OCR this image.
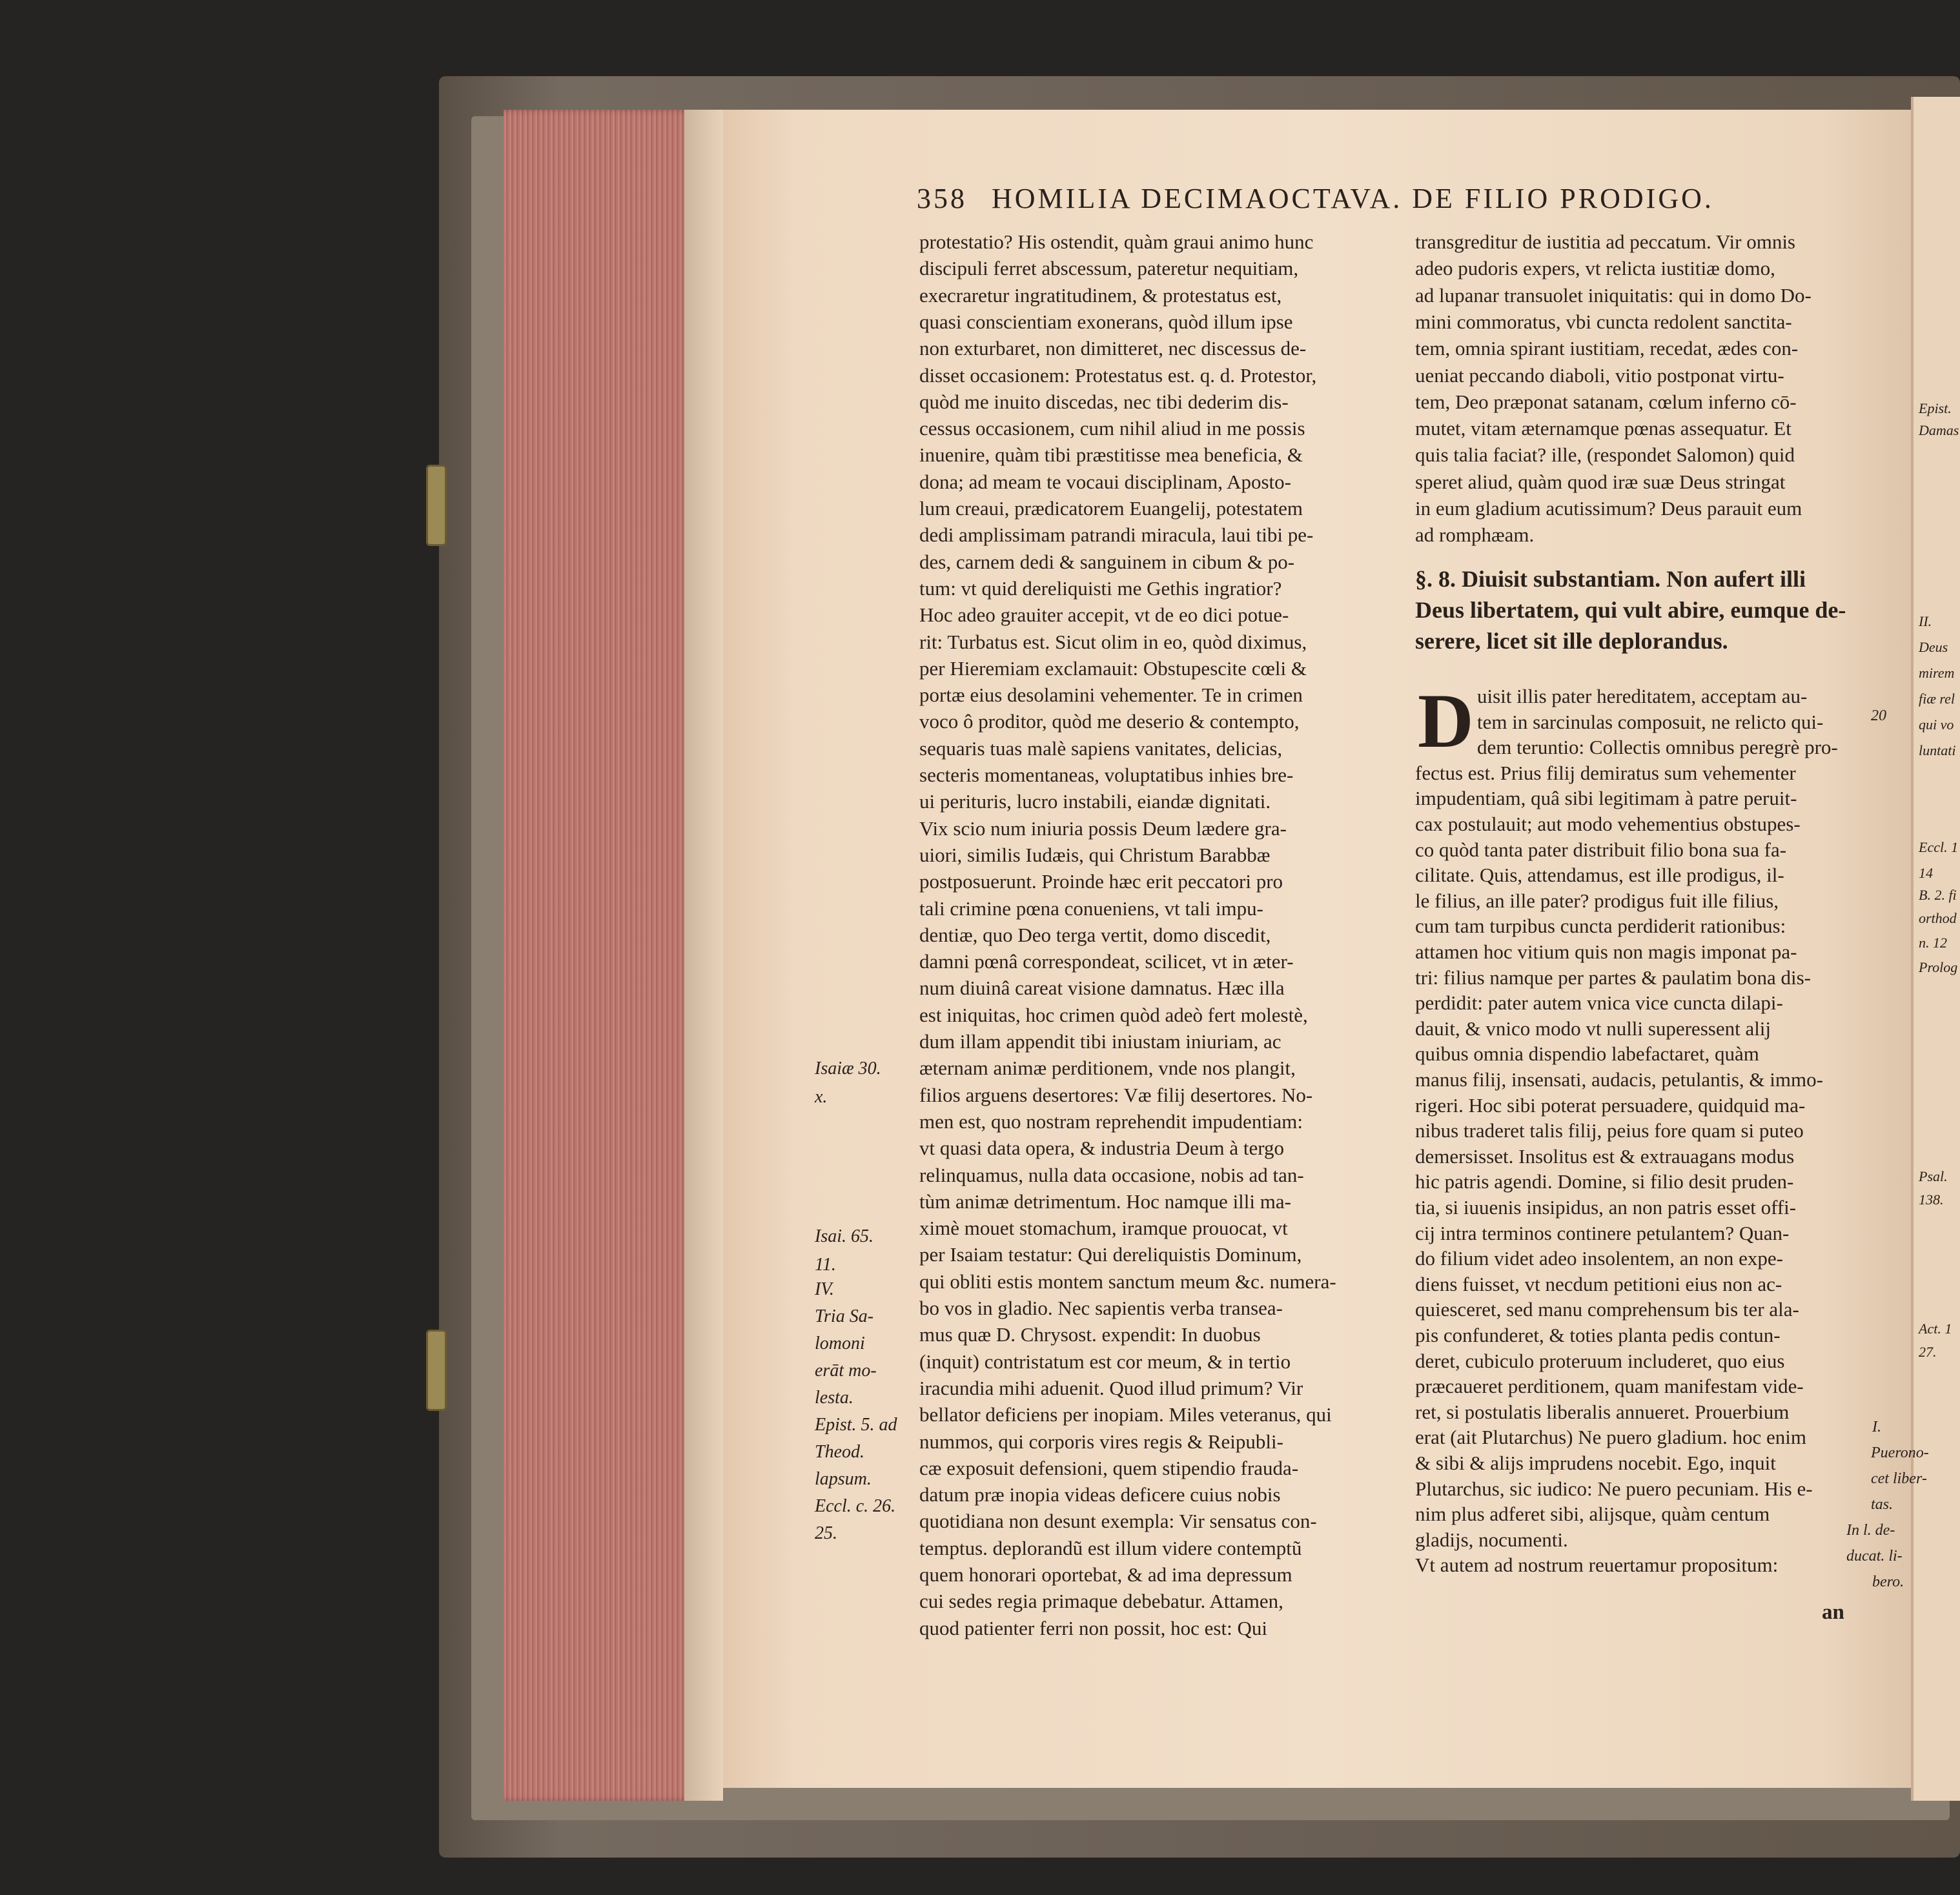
358 HOMILIA DECIMAOCTAVA. DE FILIO PRODIGO.
protestatio? His ostendit, quàm graui animo hunc
discipuli ferret abscessum, pateretur nequitiam,
execraretur ingratitudinem, & protestatus est,
quasi conscientiam exonerans, quòd illum ipse
non exturbaret, non dimitteret, nec discessus de-
disset occasionem: Protestatus est. q. d. Protestor,
quòd me inuito discedas, nec tibi dederim dis-
cessus occasionem, cum nihil aliud in me possis
inuenire, quàm tibi præstitisse mea beneficia, &
dona; ad meam te vocaui disciplinam, Aposto-
lum creaui, prædicatorem Euangelij, potestatem
dedi amplissimam patrandi miracula, laui tibi pe-
des, carnem dedi & sanguinem in cibum & po-
tum: vt quid dereliquisti me Gethis ingratior?
Hoc adeo grauiter accepit, vt de eo dici potue-
rit: Turbatus est. Sicut olim in eo, quòd diximus,
per Hieremiam exclamauit: Obstupescite cœli &
portæ eius desolamini vehementer. Te in crimen
voco ô proditor, quòd me deserio & contempto,
sequaris tuas malè sapiens vanitates, delicias,
secteris momentaneas, voluptatibus inhies bre-
ui perituris, lucro instabili, eiandæ dignitati.
Vix scio num iniuria possis Deum lædere gra-
uiori, similis Iudæis, qui Christum Barabbæ
postposuerunt. Proinde hæc erit peccatori pro
tali crimine pœna conueniens, vt tali impu-
dentiæ, quo Deo terga vertit, domo discedit,
damni pœnâ correspondeat, scilicet, vt in æter-
num diuinâ careat visione damnatus. Hæc illa
est iniquitas, hoc crimen quòd adeò fert molestè,
dum illam appendit tibi iniustam iniuriam, ac
æternam animæ perditionem, vnde nos plangit,
filios arguens desertores: Væ filij desertores. No-
men est, quo nostram reprehendit impudentiam:
vt quasi data opera, & industria Deum à tergo
relinquamus, nulla data occasione, nobis ad tan-
tùm animæ detrimentum. Hoc namque illi ma-
ximè mouet stomachum, iramque prouocat, vt
per Isaiam testatur: Qui dereliquistis Dominum,
qui obliti estis montem sanctum meum &c. numera-
bo vos in gladio. Nec sapientis verba transea-
mus quæ D. Chrysost. expendit: In duobus
(inquit) contristatum est cor meum, & in tertio
iracundia mihi aduenit. Quod illud primum? Vir
bellator deficiens per inopiam. Miles veteranus, qui
nummos, qui corporis vires regis & Reipubli-
cæ exposuit defensioni, quem stipendio frauda-
datum præ inopia videas deficere cuius nobis
quotidiana non desunt exempla: Vir sensatus con-
temptus. deplorandũ est illum videre contemptũ
quem honorari oportebat, & ad ima depressum
cui sedes regia primaque debebatur. Attamen,
quod patienter ferri non possit, hoc est: Qui
Isaiæ 30.
x.
Isai. 65.
11.
IV.
Tria Sa-
lomoni
erāt mo-
lesta.
Epist. 5. ad
Theod.
lapsum.
Eccl. c. 26.
25.
transgreditur de iustitia ad peccatum. Vir omnis
adeo pudoris expers, vt relicta iustitiæ domo,
ad lupanar transuolet iniquitatis: qui in domo Do-
mini commoratus, vbi cuncta redolent sanctita-
tem, omnia spirant iustitiam, recedat, ædes con-
ueniat peccando diaboli, vitio postponat virtu-
tem, Deo præponat satanam, cœlum inferno cō-
mutet, vitam æternamque pœnas assequatur. Et
quis talia faciat? ille, (respondet Salomon) quid
speret aliud, quàm quod iræ suæ Deus stringat
in eum gladium acutissimum? Deus parauit eum
ad romphæam.
§. 8. Diuisit substantiam. Non aufert illi
Deus libertatem, qui vult abire, eumque de-
serere, licet sit ille deplorandus.
D uisit illis pater hereditatem, acceptam au-
tem in sarcinulas composuit, ne relicto qui-
dem teruntio: Collectis omnibus peregrè pro-
fectus est. Prius filij demiratus sum vehementer
impudentiam, quâ sibi legitimam à patre peruit-
cax postulauit; aut modo vehementius obstupes-
co quòd tanta pater distribuit filio bona sua fa-
cilitate. Quis, attendamus, est ille prodigus, il-
le filius, an ille pater? prodigus fuit ille filius,
cum tam turpibus cuncta perdiderit rationibus:
attamen hoc vitium quis non magis imponat pa-
tri: filius namque per partes & paulatim bona dis-
perdidit: pater autem vnica vice cuncta dilapi-
dauit, & vnico modo vt nulli superessent alij
quibus omnia dispendio labefactaret, quàm
manus filij, insensati, audacis, petulantis, & immo-
rigeri. Hoc sibi poterat persuadere, quidquid ma-
nibus traderet talis filij, peius fore quam si puteo
demersisset. Insolitus est & extrauagans modus
hic patris agendi. Domine, si filio desit pruden-
tia, si iuuenis insipidus, an non patris esset offi-
cij intra terminos continere petulantem? Quan-
do filium videt adeo insolentem, an non expe-
diens fuisset, vt necdum petitioni eius non ac-
quiesceret, sed manu comprehensum bis ter ala-
pis confunderet, & toties planta pedis contun-
deret, cubiculo proteruum includeret, quo eius
præcaueret perditionem, quam manifestam vide-
ret, si postulatis liberalis annueret. Prouerbium
erat (ait Plutarchus) Ne puero gladium. hoc enim
& sibi & alijs imprudens nocebit. Ego, inquit
Plutarchus, sic iudico: Ne puero pecuniam. His e-
nim plus adferet sibi, alijsque, quàm centum
gladijs, nocumenti.
Vt autem ad nostrum reuertamur propositum:
an
20
I.
Puerono-
cet liber-
tas.
In l. de-
ducat. li-
bero.
Epist.
Damas
II.
Deus
mirem
fiæ rel
qui vo
luntati
Eccl. 1
14
B. 2. fi
orthod
n. 12
Prolog
Psal.
138.
Act. 1
27.
